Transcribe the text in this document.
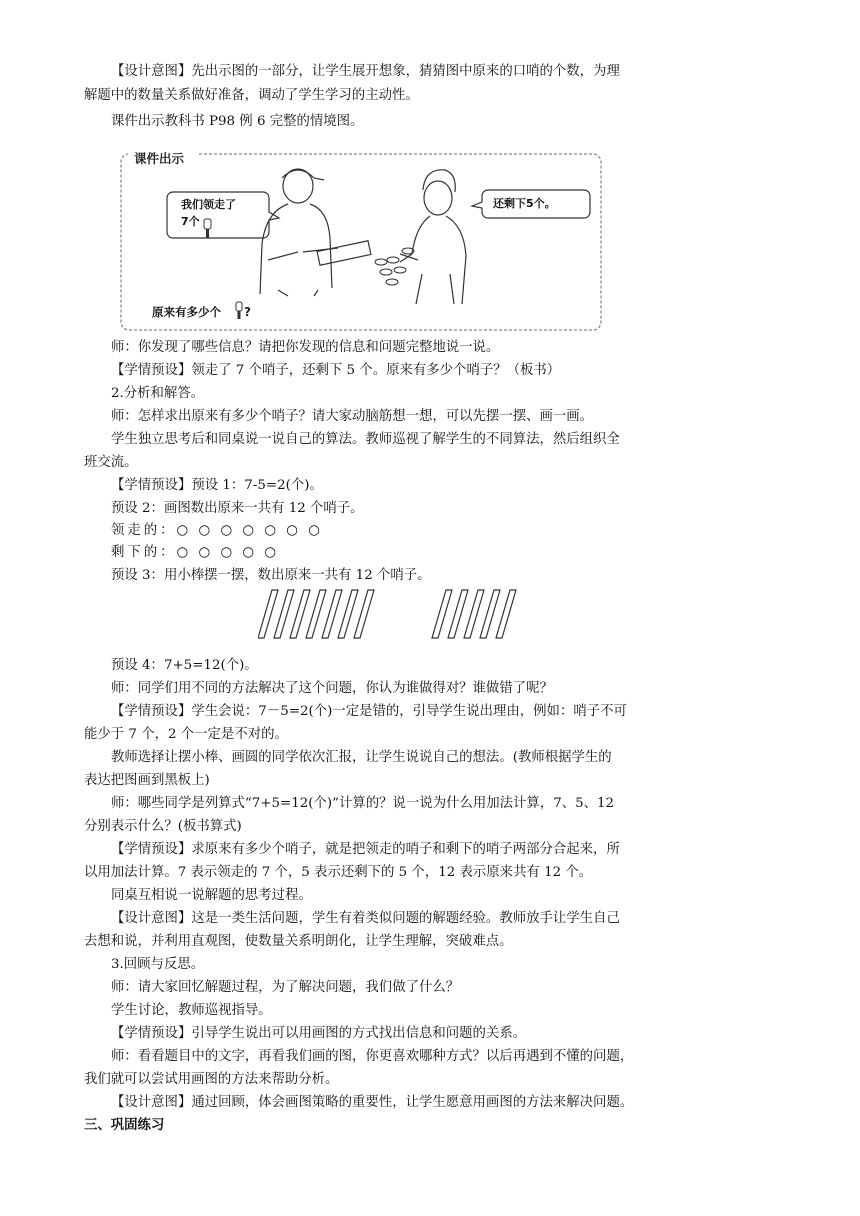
【设计意图】先出示图的一部分，让学生展开想象，猜猜图中原来的口哨的个数，为理
解题中的数量关系做好准备，调动了学生学习的主动性。
课件出示教科书 P98 例 6 完整的情境图。
?
课件出示
我们领走了
7个
还剩下5个。
原来有多少个
师：你发现了哪些信息？请把你发现的信息和问题完整地说一说。
【学情预设】领走了 7 个哨子，还剩下 5 个。原来有多少个哨子？（板书）
2.分析和解答。
师：怎样求出原来有多少个哨子？请大家动脑筋想一想，可以先摆一摆、画一画。
学生独立思考后和同桌说一说自己的算法。教师巡视了解学生的不同算法，然后组织全
班交流。
【学情预设】预设 1：7-5=2(个)。
预设 2：画图数出原来一共有 12 个哨子。
领走的：○ ○ ○ ○ ○ ○ ○
剩下的：○ ○ ○ ○ ○
预设 3：用小棒摆一摆，数出原来一共有 12 个哨子。
预设 4：7+5=12(个)。
师：同学们用不同的方法解决了这个问题，你认为谁做得对？谁做错了呢？
【学情预设】学生会说：7－5=2(个)一定是错的，引导学生说出理由，例如：哨子不可
能少于 7 个，2 个一定是不对的。
教师选择让摆小棒、画圆的同学依次汇报，让学生说说自己的想法。(教师根据学生的
表达把图画到黑板上)
师：哪些同学是列算式“7+5=12(个)”计算的？说一说为什么用加法计算，7、5、12
分别表示什么？(板书算式)
【学情预设】求原来有多少个哨子，就是把领走的哨子和剩下的哨子两部分合起来，所
以用加法计算。7 表示领走的 7 个，5 表示还剩下的 5 个，12 表示原来共有 12 个。
同桌互相说一说解题的思考过程。
【设计意图】这是一类生活问题，学生有着类似问题的解题经验。教师放手让学生自己
去想和说，并利用直观图，使数量关系明朗化，让学生理解，突破难点。
3.回顾与反思。
师：请大家回忆解题过程，为了解决问题，我们做了什么？
学生讨论，教师巡视指导。
【学情预设】引导学生说出可以用画图的方式找出信息和问题的关系。
师：看看题目中的文字，再看我们画的图，你更喜欢哪种方式？以后再遇到不懂的问题，
我们就可以尝试用画图的方法来帮助分析。
【设计意图】通过回顾，体会画图策略的重要性，让学生愿意用画图的方法来解决问题。
三、巩固练习
